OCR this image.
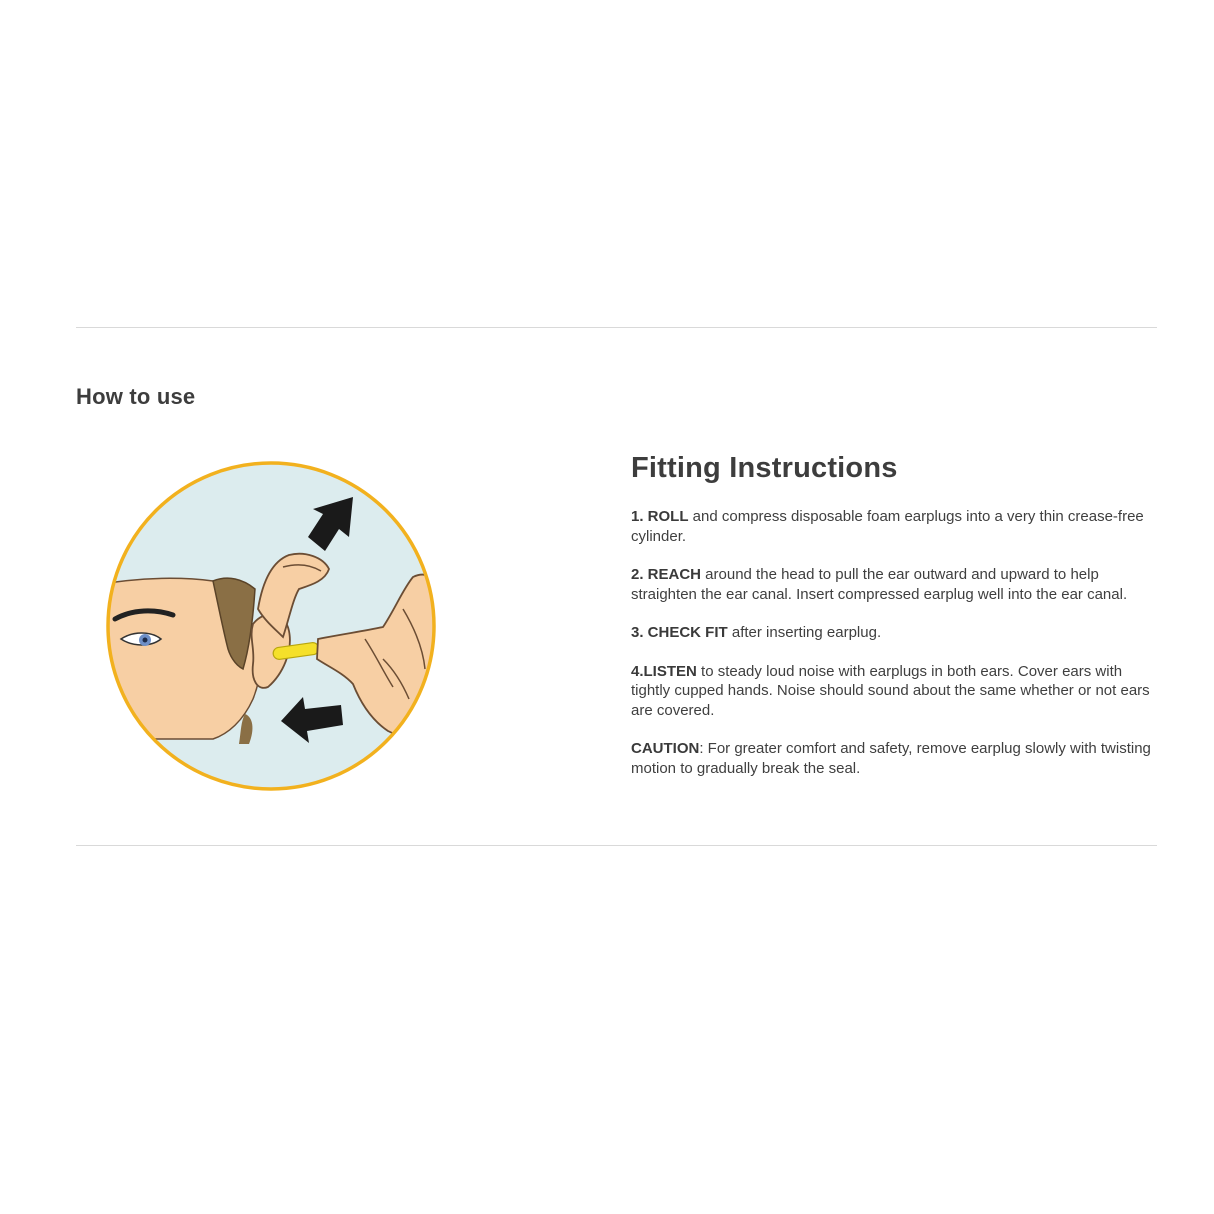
How to use
Fitting Instructions

1. ROLL and compress disposable foam earplugs into a very thin crease-free cylinder.

2. REACH around the head to pull the ear outward and upward to help straighten the ear canal. Insert compressed earplug well into the ear canal.

3. CHECK FIT after inserting earplug.

4.LISTEN to steady loud noise with earplugs in both ears. Cover ears with tightly cupped hands. Noise should sound about the same whether or not ears are covered.

CAUTION: For greater comfort and safety, remove earplug slowly with twisting motion to gradually break the seal.
